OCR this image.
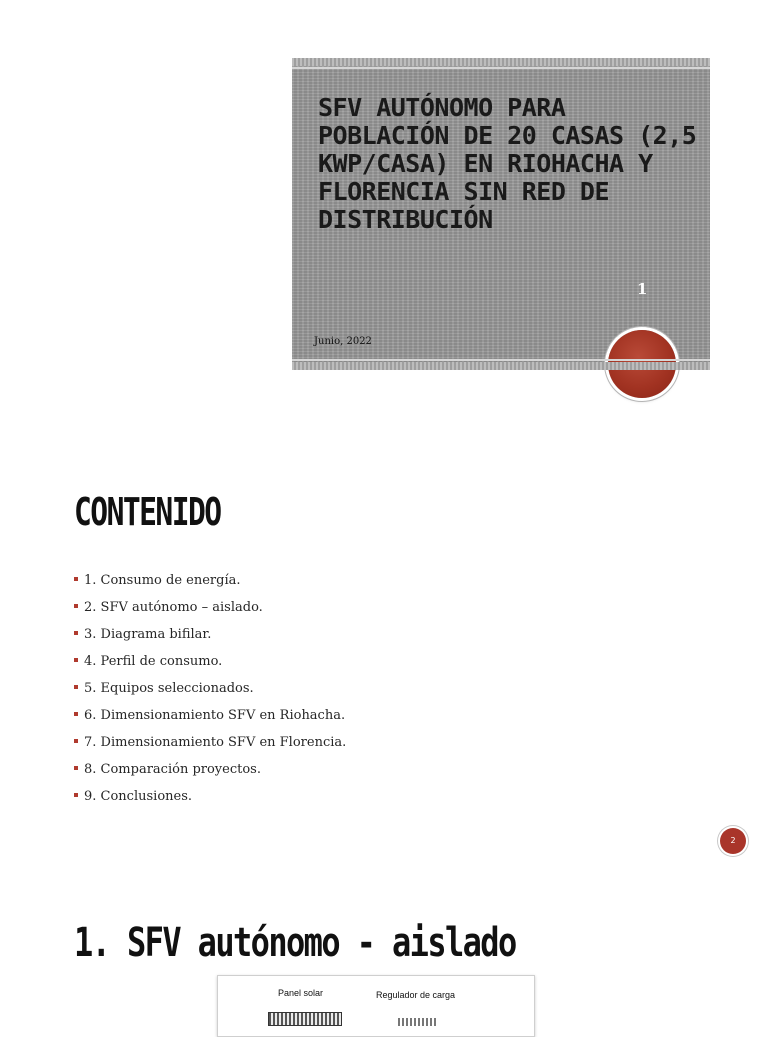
SFV AUTÓNOMO PARA POBLACIÓN DE 20 CASAS (2,5 KWP/CASA) EN RIOHACHA Y FLORENCIA SIN RED DE DISTRIBUCIÓN
1
Junio, 2022
CONTENIDO
1. Consumo de energía.
2. SFV autónomo – aislado.
3. Diagrama bifilar.
4. Perfil de consumo.
5. Equipos seleccionados.
6. Dimensionamiento SFV en Riohacha.
7. Dimensionamiento SFV en Florencia.
8. Comparación proyectos.
9. Conclusiones.
2
1. SFV autónomo - aislado
Panel solar	Regulador de carga
